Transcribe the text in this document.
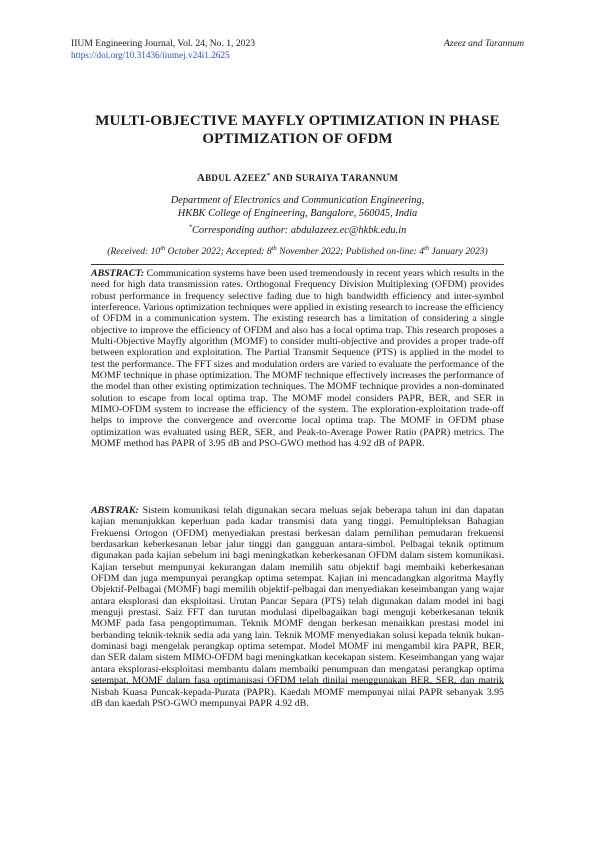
IIUM Engineering Journal, Vol. 24, No. 1, 2023	Azeez and Tarannum
https://doi.org/10.31436/iiumej.v24i1.2625
MULTI-OBJECTIVE MAYFLY OPTIMIZATION IN PHASE
OPTIMIZATION OF OFDM
ABDUL AZEEZ* AND SURAIYA TARANNUM
Department of Electronics and Communication Engineering,
HKBK College of Engineering, Bangalore, 560045, India
*Corresponding author: abdulazeez.ec@hkbk.edu.in
(Received: 10th October 2022; Accepted: 8th November 2022; Published on-line: 4th January 2023)
ABSTRACT: Communication systems have been used tremendously in recent years which results in the need for high data transmission rates. Orthogonal Frequency Division Multiplexing (OFDM) provides robust performance in frequency selective fading due to high bandwidth efficiency and inter-symbol interference. Various optimization techniques were applied in existing research to increase the efficiency of OFDM in a communication system. The existing research has a limitation of considering a single objective to improve the efficiency of OFDM and also has a local optima trap. This research proposes a Multi-Objective Mayfly algorithm (MOMF) to consider multi-objective and provides a proper trade-off between exploration and exploitation. The Partial Transmit Sequence (PTS) is applied in the model to test the performance. The FFT sizes and modulation orders are varied to evaluate the performance of the MOMF technique in phase optimization. The MOMF technique effectively increases the performance of the model than other existing optimization techniques. The MOMF technique provides a non-dominated solution to escape from local optima trap. The MOMF model considers PAPR, BER, and SER in MIMO-OFDM system to increase the efficiency of the system. The exploration-exploitation trade-off helps to improve the convergence and overcome local optima trap. The MOMF in OFDM phase optimization was evaluated using BER, SER, and Peak-to-Average Power Ratio (PAPR) metrics. The MOMF method has PAPR of 3.95 dB and PSO-GWO method has 4.92 dB of PAPR.
ABSTRAK: Sistem komunikasi telah digunakan secara meluas sejak beberapa tahun ini dan dapatan kajian menunjukkan keperluan pada kadar transmisi data yang tinggi. Pemultipleksan Bahagian Frekuensi Ortogon (OFDM) menyediakan prestasi berkesan dalam pemilihan pemudaran frekuensi berdasarkan keberkesanan lebar jalur tinggi dan gangguan antara-simbol. Pelbagai teknik optimum digunakan pada kajian sebelum ini bagi meningkatkan keberkesanan OFDM dalam sistem komunikasi. Kajian tersebut mempunyai kekurangan dalam memilih satu objektif bagi membaiki keberkesanan OFDM dan juga mempunyai perangkap optima setempat. Kajian ini mencadangkan algoritma Mayfly Objektif-Pelbagai (MOMF) bagi memilih objektif-pelbagai dan menyediakan keseimbangan yang wajar antara eksplorasi dan eksploitasi. Urutan Pancar Separa (PTS) telah digunakan dalam model ini bagi menguji prestasi. Saiz FFT dan turutan modulasi dipelbagaikan bagi menguji keberkesanan teknik MOMF pada fasa pengoptimuman. Teknik MOMF dengan berkesan menaikkan prestasi model ini berbanding teknik-teknik sedia ada yang lain. Teknik MOMF menyediakan solusi kepada teknik bukan-dominasi bagi mengelak perangkap optima setempat. Model MOMF ini mengambil kira PAPR, BER, dan SER dalam sistem MIMO-OFDM bagi meningkatkan kecekapan sistem. Keseimbangan yang wajar antara eksplorasi-eksploitasi membantu dalam membaiki penumpuan dan mengatasi perangkap optima setempat. MOMF dalam fasa optimanisasi OFDM telah dinilai menggunakan BER, SER, dan matrik Nisbah Kuasa Puncak-kepada-Purata (PAPR). Kaedah MOMF mempunyai nilai PAPR sebanyak 3.95 dB dan kaedah PSO-GWO mempunyai PAPR 4.92 dB.
